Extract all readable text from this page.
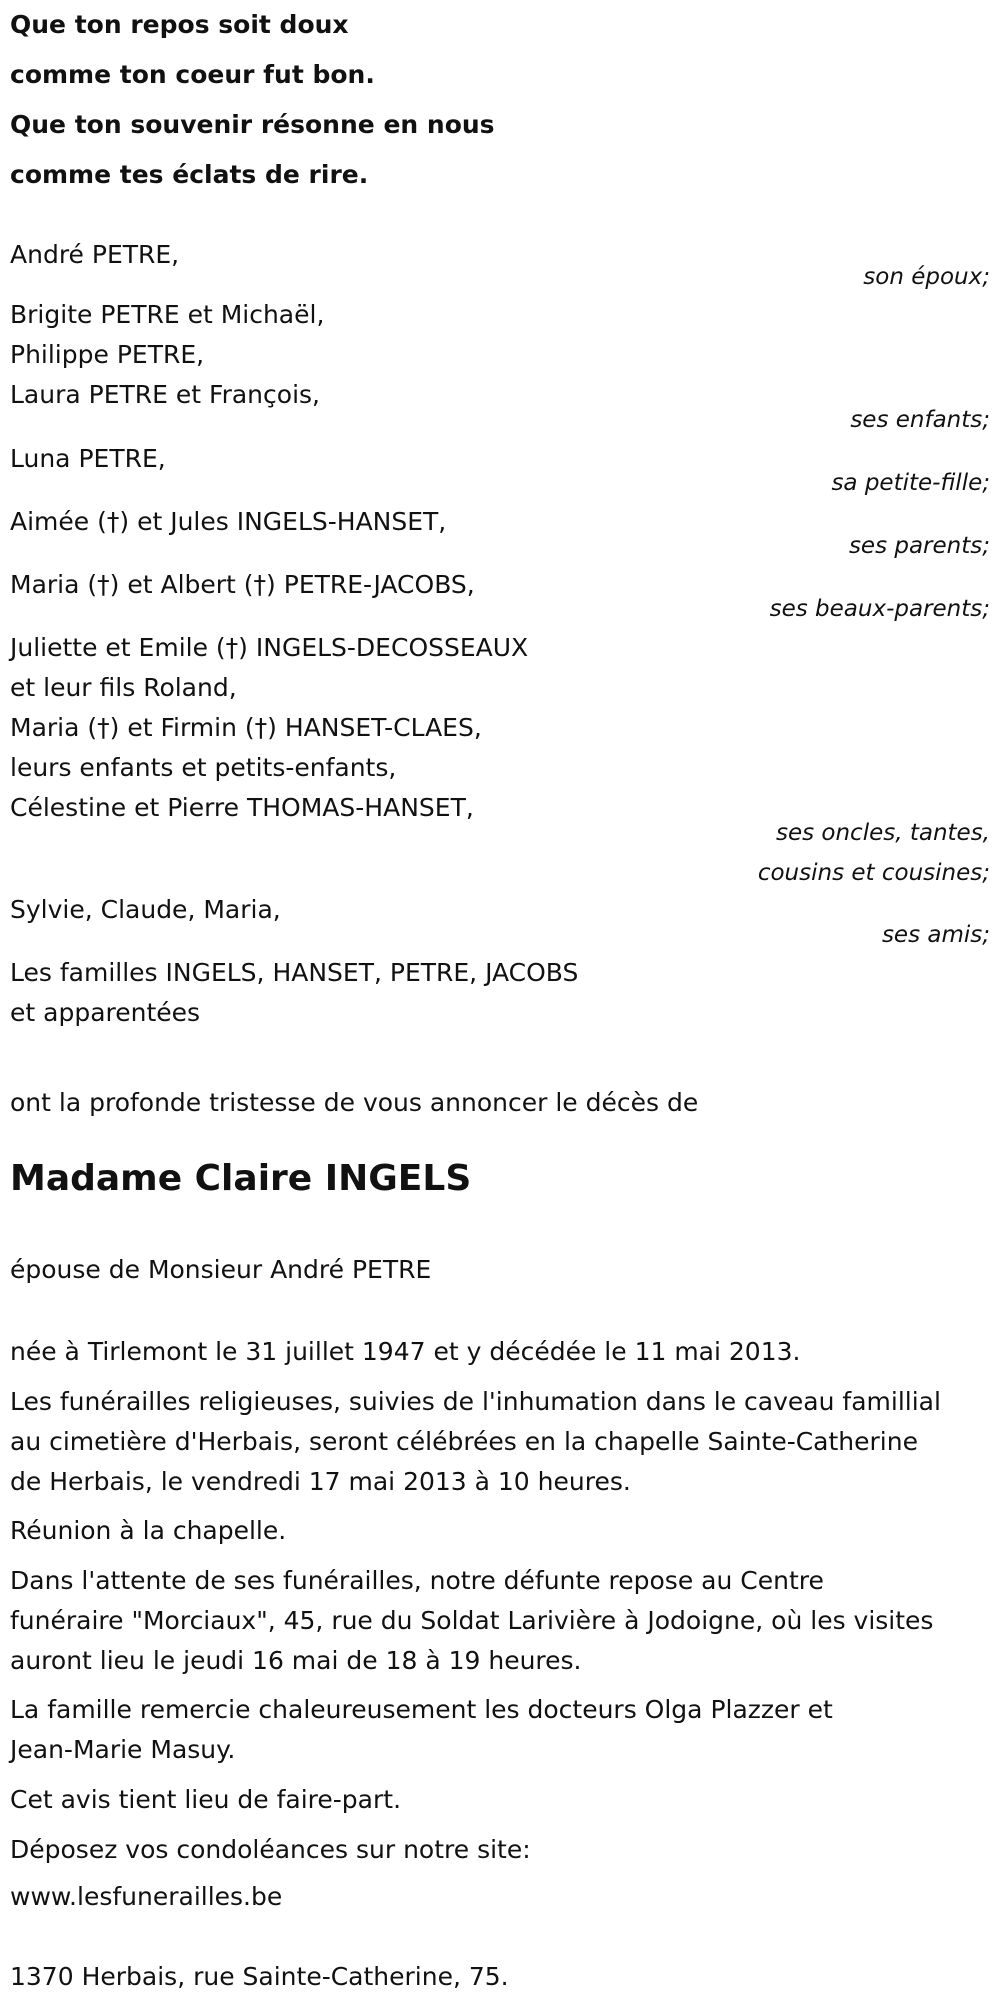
Que ton repos soit doux
comme ton coeur fut bon.
Que ton souvenir résonne en nous
comme tes éclats de rire.
André PETRE,
son époux;
Brigite PETRE et Michaël,
Philippe PETRE,
Laura PETRE et François,
ses enfants;
Luna PETRE,
sa petite-fille;
Aimée (†) et Jules INGELS-HANSET,
ses parents;
Maria (†) et Albert (†) PETRE-JACOBS,
ses beaux-parents;
Juliette et Emile (†) INGELS-DECOSSEAUX
et leur fils Roland,
Maria (†) et Firmin (†) HANSET-CLAES,
leurs enfants et petits-enfants,
Célestine et Pierre THOMAS-HANSET,
ses oncles, tantes,
cousins et cousines;
Sylvie, Claude, Maria,
ses amis;
Les familles INGELS, HANSET, PETRE, JACOBS
et apparentées
ont la profonde tristesse de vous annoncer le décès de
Madame Claire INGELS
épouse de Monsieur André PETRE
née à Tirlemont le 31 juillet 1947 et y décédée le 11 mai 2013.
Les funérailles religieuses, suivies de l'inhumation dans le caveau famillial
au cimetière d'Herbais, seront célébrées en la chapelle Sainte-Catherine
de Herbais, le vendredi 17 mai 2013 à 10 heures.
Réunion à la chapelle.
Dans l'attente de ses funérailles, notre défunte repose au Centre
funéraire "Morciaux", 45, rue du Soldat Larivière à Jodoigne, où les visites
auront lieu le jeudi 16 mai de 18 à 19 heures.
La famille remercie chaleureusement les docteurs Olga Plazzer et
Jean-Marie Masuy.
Cet avis tient lieu de faire-part.
Déposez vos condoléances sur notre site:
www.lesfunerailles.be
1370 Herbais, rue Sainte-Catherine, 75.
